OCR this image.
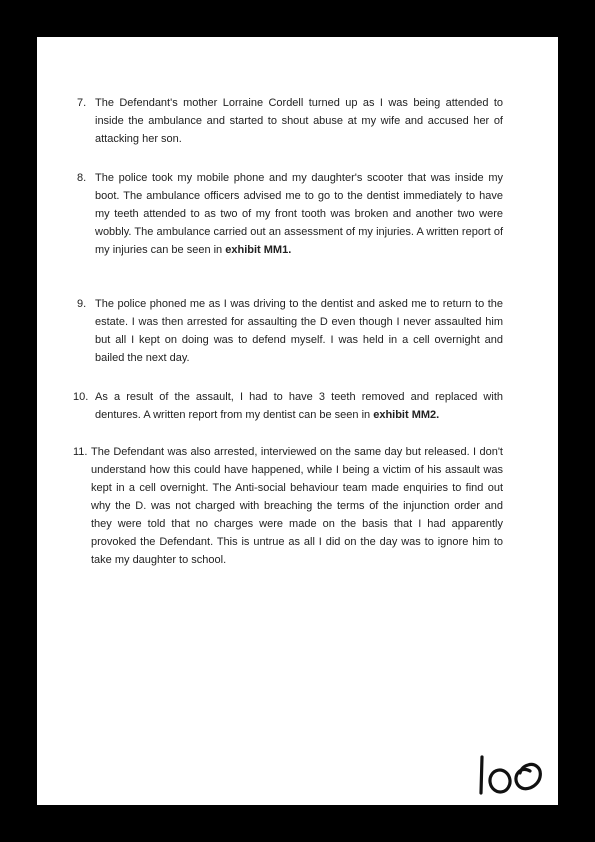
7. The Defendant's mother Lorraine Cordell turned up as I was being attended to inside the ambulance and started to shout abuse at my wife and accused her of attacking her son.
8. The police took my mobile phone and my daughter's scooter that was inside my boot. The ambulance officers advised me to go to the dentist immediately to have my teeth attended to as two of my front tooth was broken and another two were wobbly. The ambulance carried out an assessment of my injuries. A written report of my injuries can be seen in exhibit MM1.
9. The police phoned me as I was driving to the dentist and asked me to return to the estate. I was then arrested for assaulting the D even though I never assaulted him but all I kept on doing was to defend myself. I was held in a cell overnight and bailed the next day.
10. As a result of the assault, I had to have 3 teeth removed and replaced with dentures. A written report from my dentist can be seen in exhibit MM2.
11. The Defendant was also arrested, interviewed on the same day but released. I don't understand how this could have happened, while I being a victim of his assault was kept in a cell overnight. The Anti-social behaviour team made enquiries to find out why the D. was not charged with breaching the terms of the injunction order and they were told that no charges were made on the basis that I had apparently provoked the Defendant. This is untrue as all I did on the day was to ignore him to take my daughter to school.
